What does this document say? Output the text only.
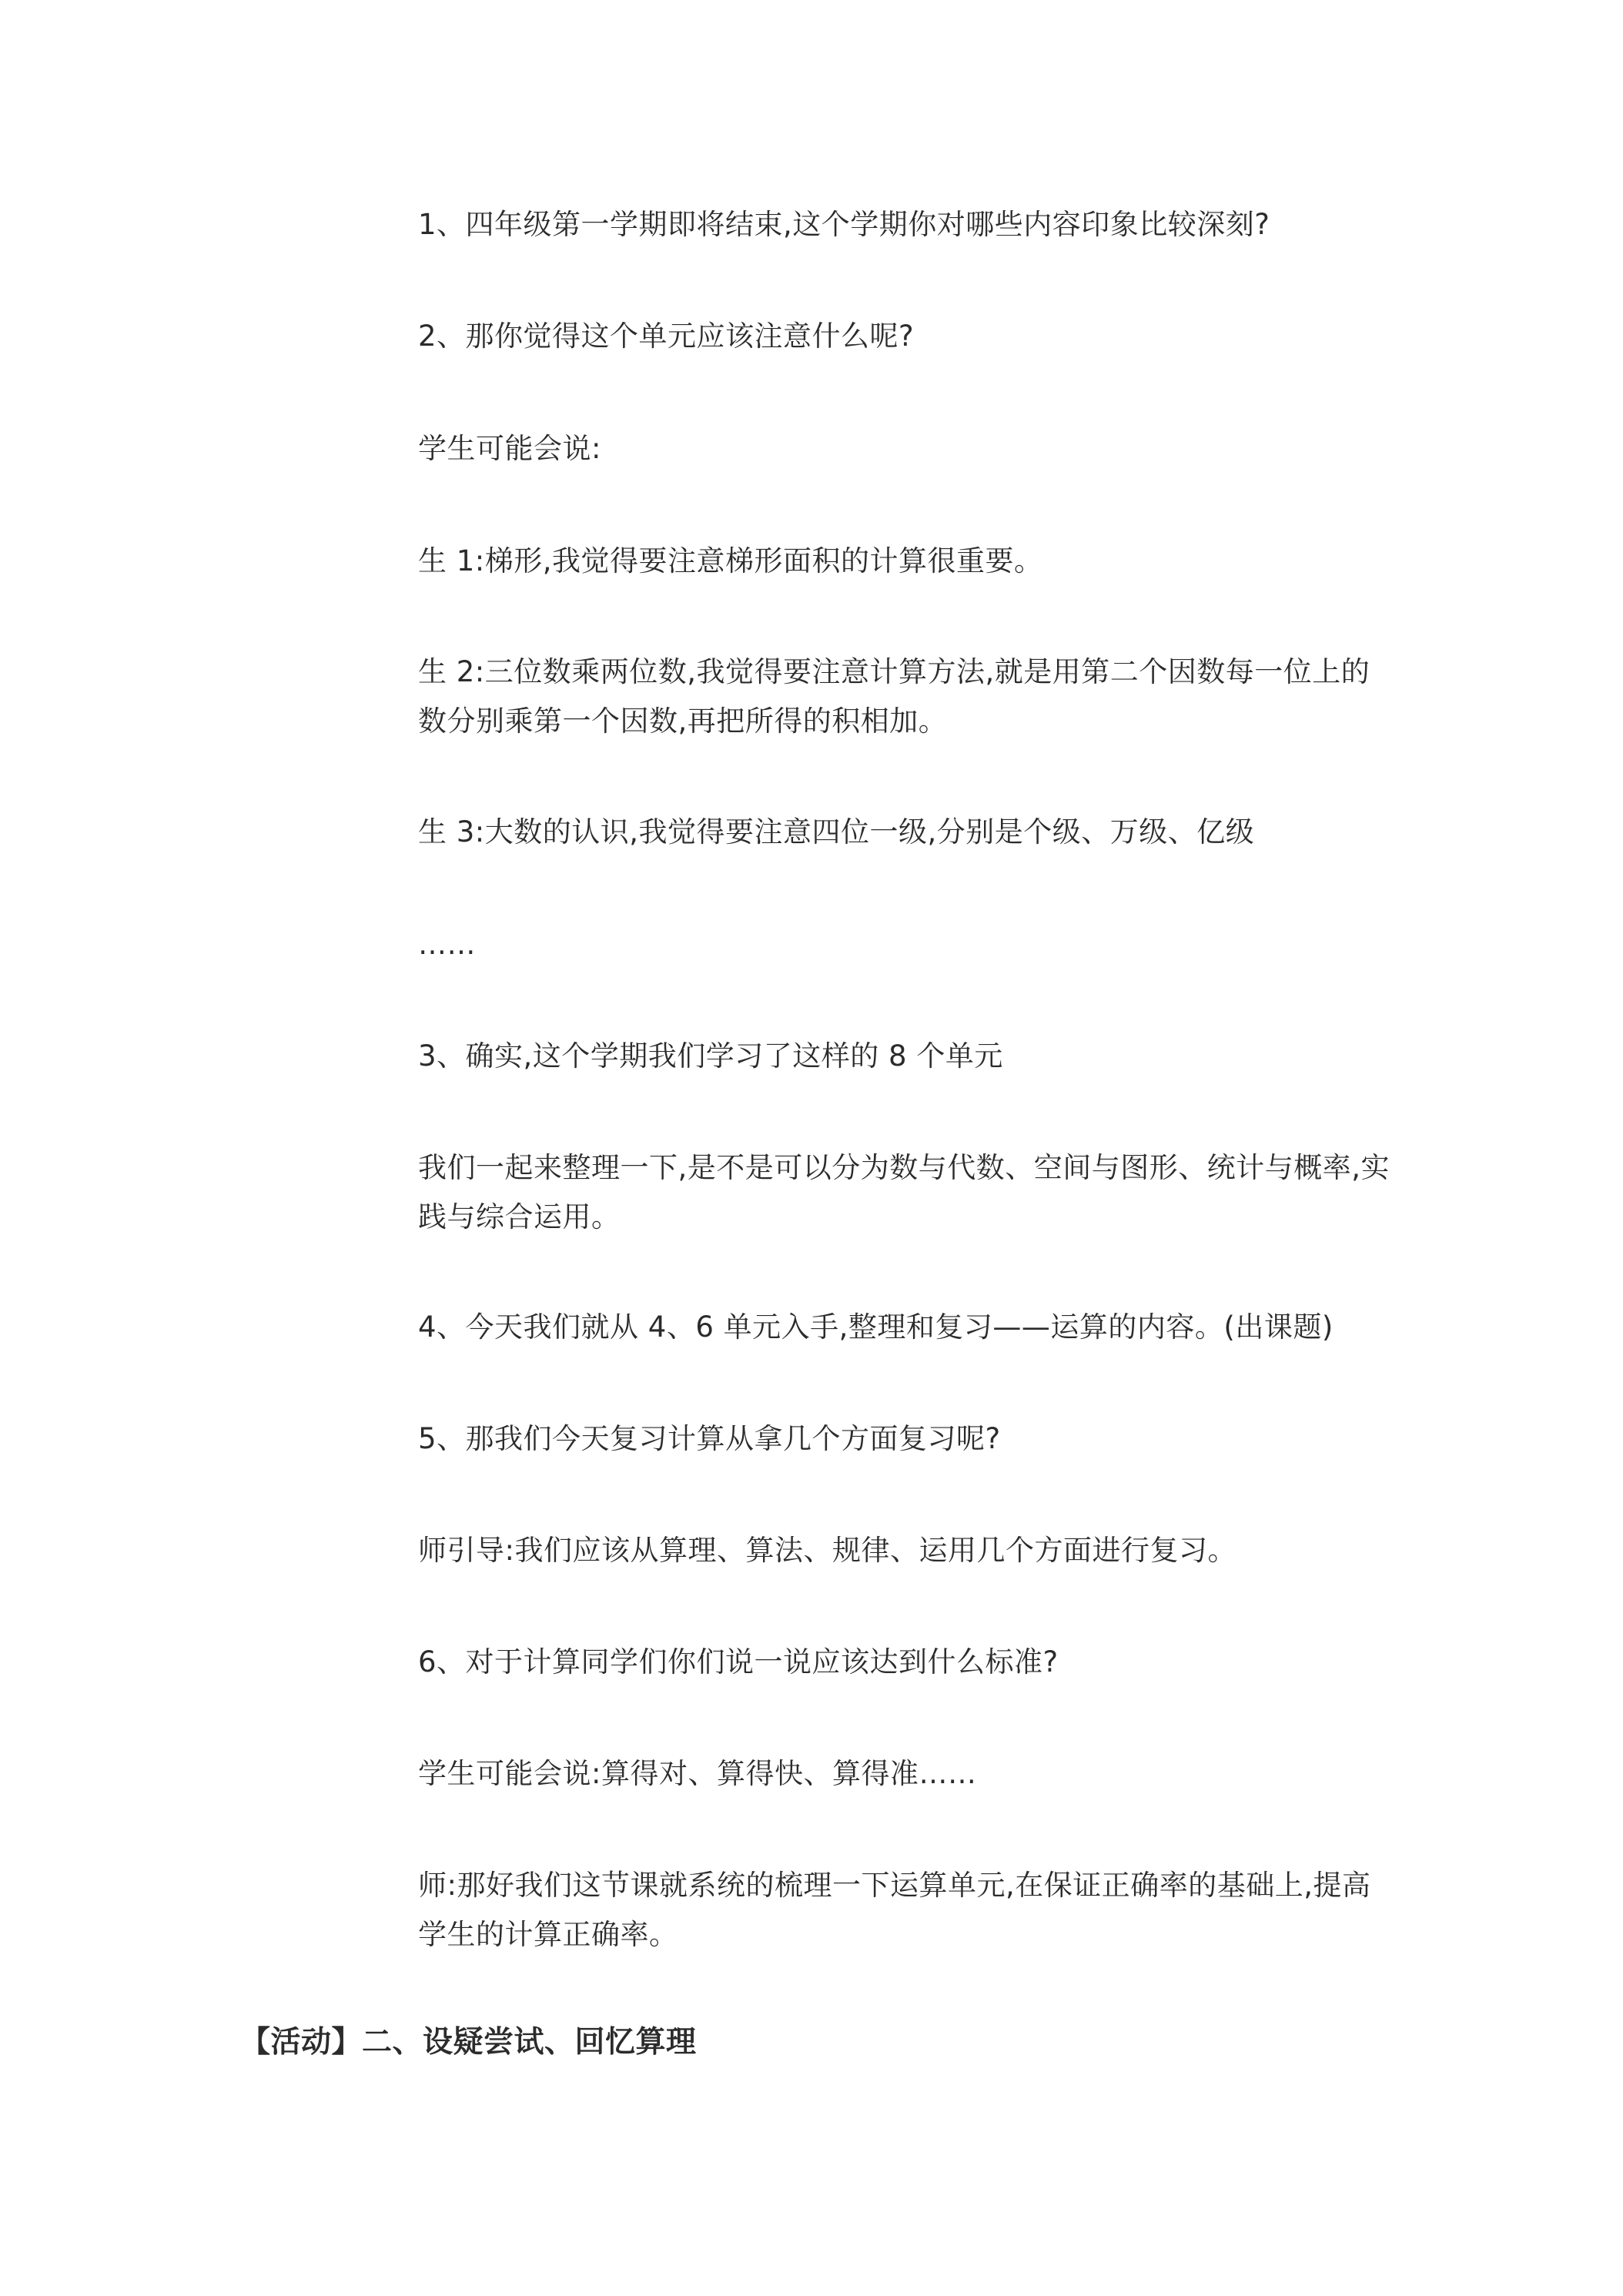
1、四年级第一学期即将结束,这个学期你对哪些内容印象比较深刻?

2、那你觉得这个单元应该注意什么呢?

学生可能会说:

生 1:梯形,我觉得要注意梯形面积的计算很重要。

生 2:三位数乘两位数,我觉得要注意计算方法,就是用第二个因数每一位上的
数分别乘第一个因数,再把所得的积相加。

生 3:大数的认识,我觉得要注意四位一级,分别是个级、万级、亿级

……

3、确实,这个学期我们学习了这样的 8 个单元

我们一起来整理一下,是不是可以分为数与代数、空间与图形、统计与概率,实
践与综合运用。

4、今天我们就从 4、6 单元入手,整理和复习——运算的内容。(出课题)

5、那我们今天复习计算从拿几个方面复习呢?

师引导:我们应该从算理、算法、规律、运用几个方面进行复习。

6、对于计算同学们你们说一说应该达到什么标准?

学生可能会说:算得对、算得快、算得准……

师:那好我们这节课就系统的梳理一下运算单元,在保证正确率的基础上,提高
学生的计算正确率。

【活动】二、设疑尝试、回忆算理
